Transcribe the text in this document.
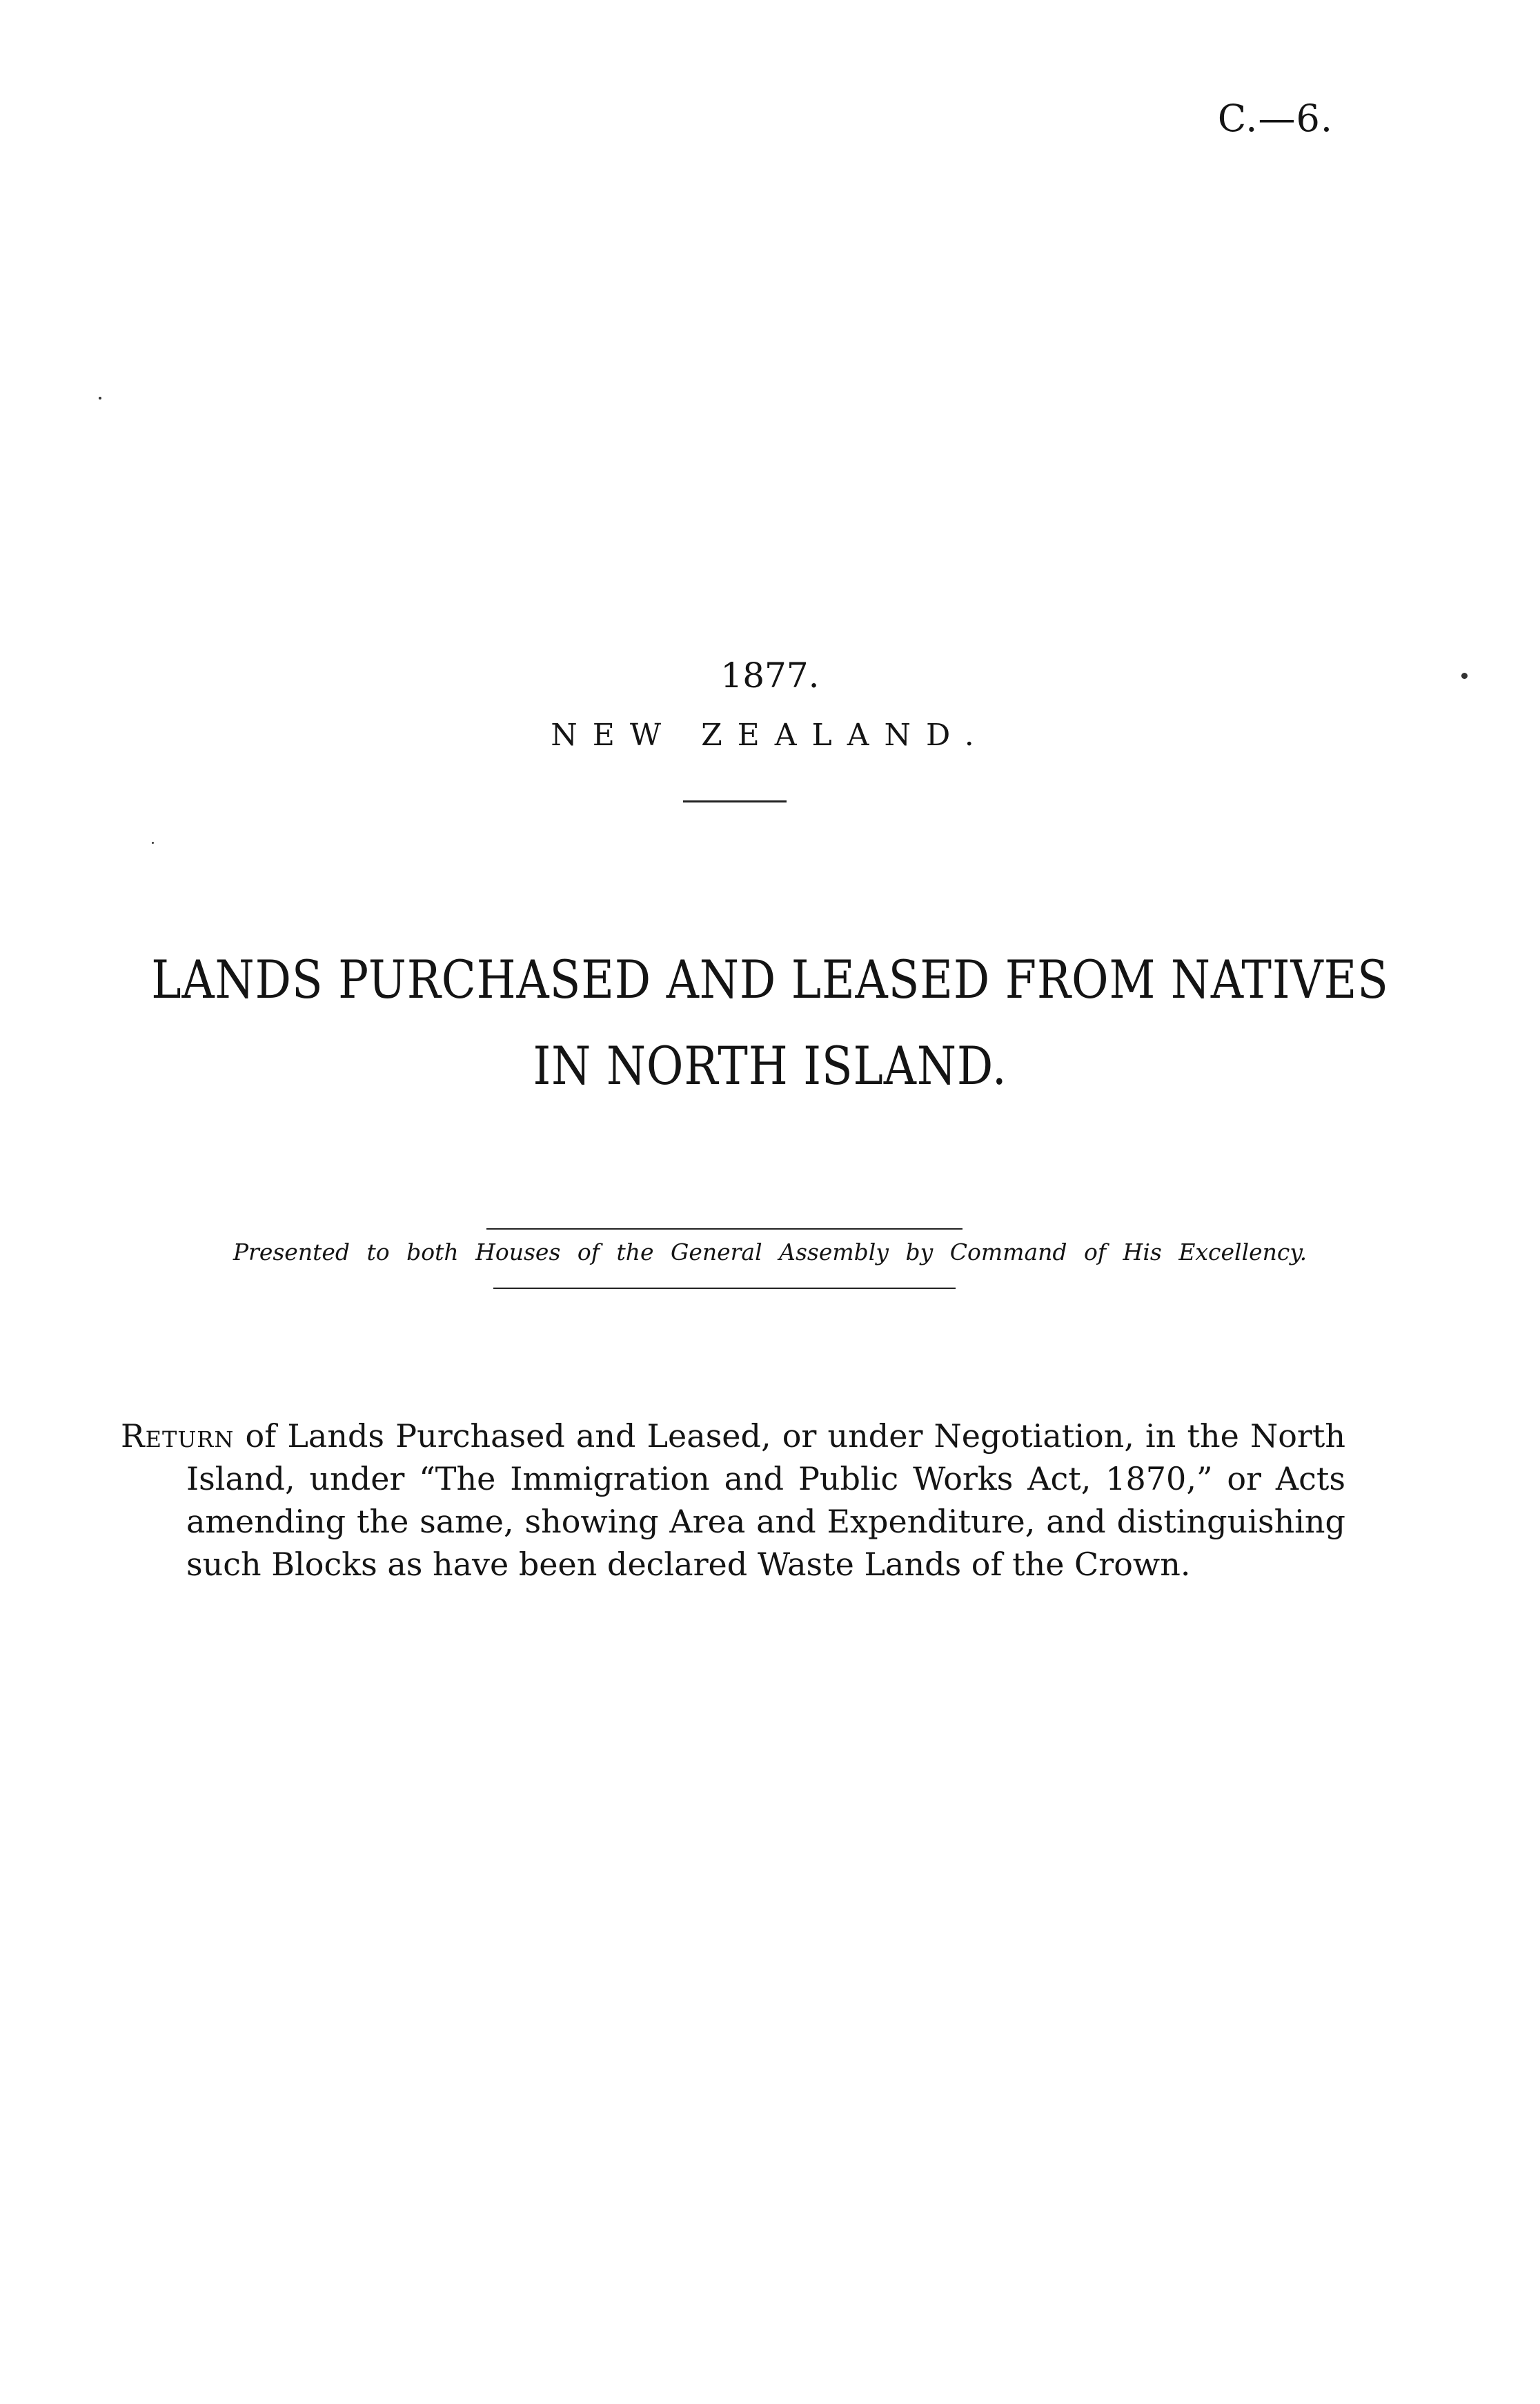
C.—6.
1877.
NEW ZEALAND.
LANDS PURCHASED AND LEASED FROM NATIVES
IN NORTH ISLAND.
Presented to both Houses of the General Assembly by Command of His Excellency.
Return of Lands Purchased and Leased, or under Negotiation, in the North Island, under “The Immigration and Public Works Act, 1870,” or Acts amending the same, showing Area and Expenditure, and distinguishing such Blocks as have been declared Waste Lands of the Crown.
